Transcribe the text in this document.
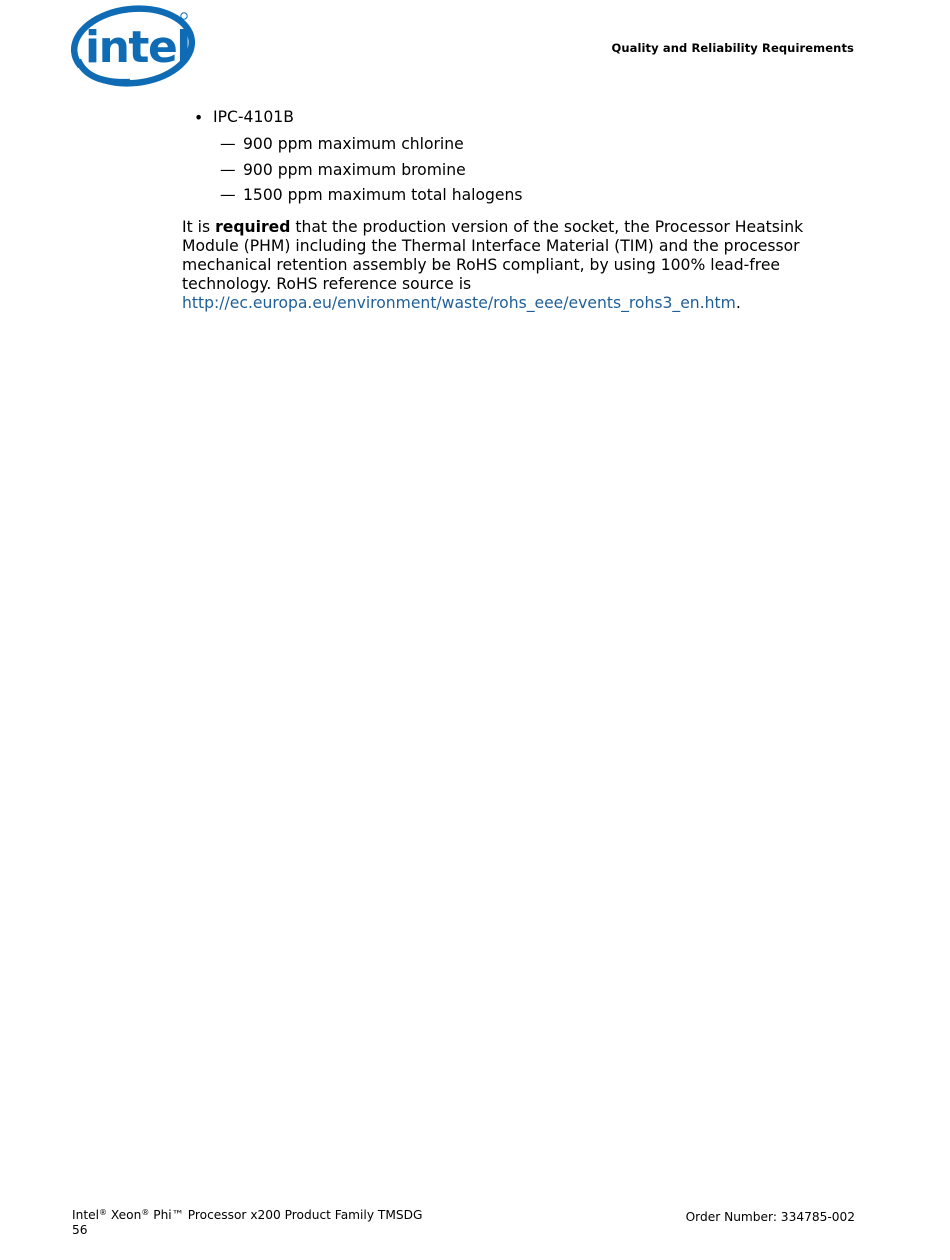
intel	Quality and Reliability Requirements
• IPC-4101B
— 900 ppm maximum chlorine
— 900 ppm maximum bromine
— 1500 ppm maximum total halogens

It is required that the production version of the socket, the Processor Heatsink Module (PHM) including the Thermal Interface Material (TIM) and the processor mechanical retention assembly be RoHS compliant, by using 100% lead-free technology. RoHS reference source is http://ec.europa.eu/environment/waste/rohs_eee/events_rohs3_en.htm.

Intel® Xeon® Phi™ Processor x200 Product Family TMSDG
56
Order Number: 334785-002
